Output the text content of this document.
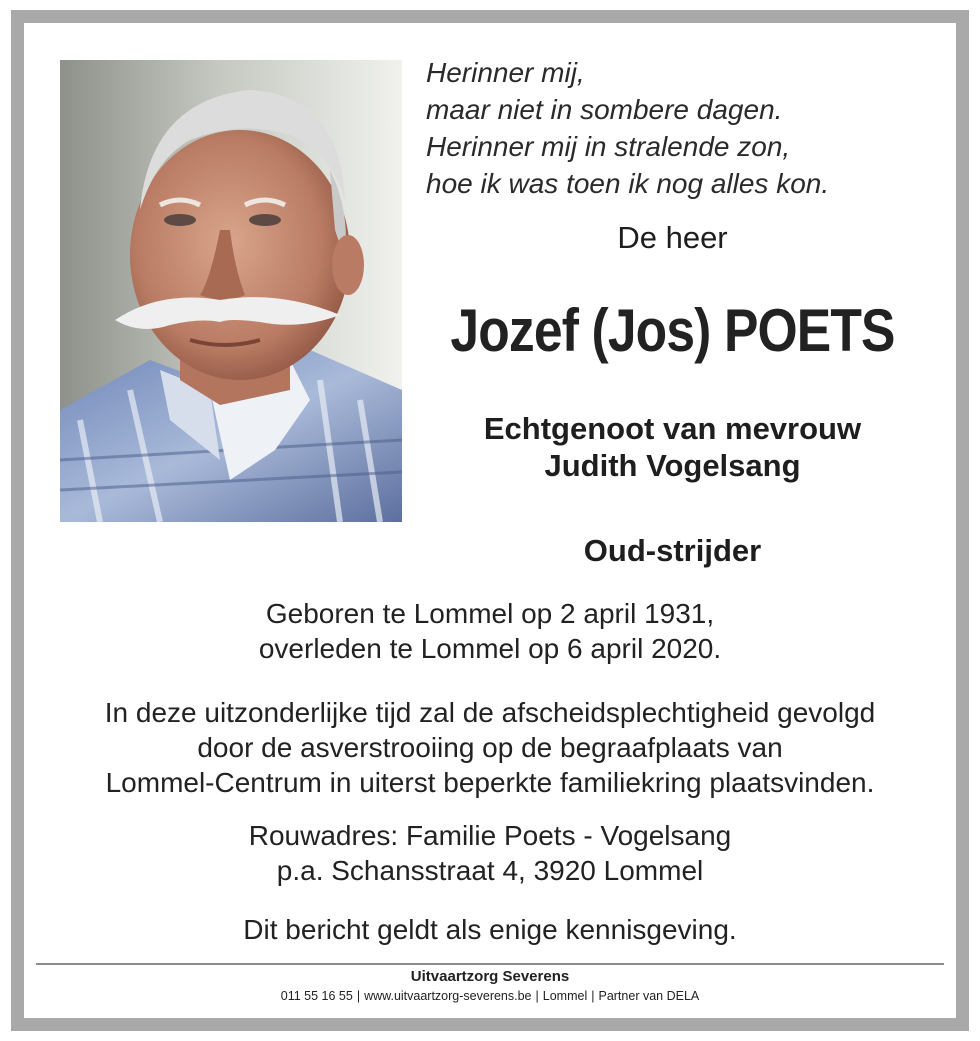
Herinner mij,
maar niet in sombere dagen.
Herinner mij in stralende zon,
hoe ik was toen ik nog alles kon.
De heer
Jozef (Jos) POETS
Echtgenoot van mevrouw
Judith Vogelsang
Oud-strijder
Geboren te Lommel op 2 april 1931,
overleden te Lommel op 6 april 2020.
In deze uitzonderlijke tijd zal de afscheidsplechtigheid gevolgd
door de asverstrooiing op de begraafplaats van
Lommel-Centrum in uiterst beperkte familiekring plaatsvinden.
Rouwadres: Familie Poets - Vogelsang
p.a. Schansstraat 4, 3920 Lommel
Dit bericht geldt als enige kennisgeving.
Uitvaartzorg Severens
011 55 16 55 | www.uitvaartzorg-severens.be | Lommel | Partner van DELA
